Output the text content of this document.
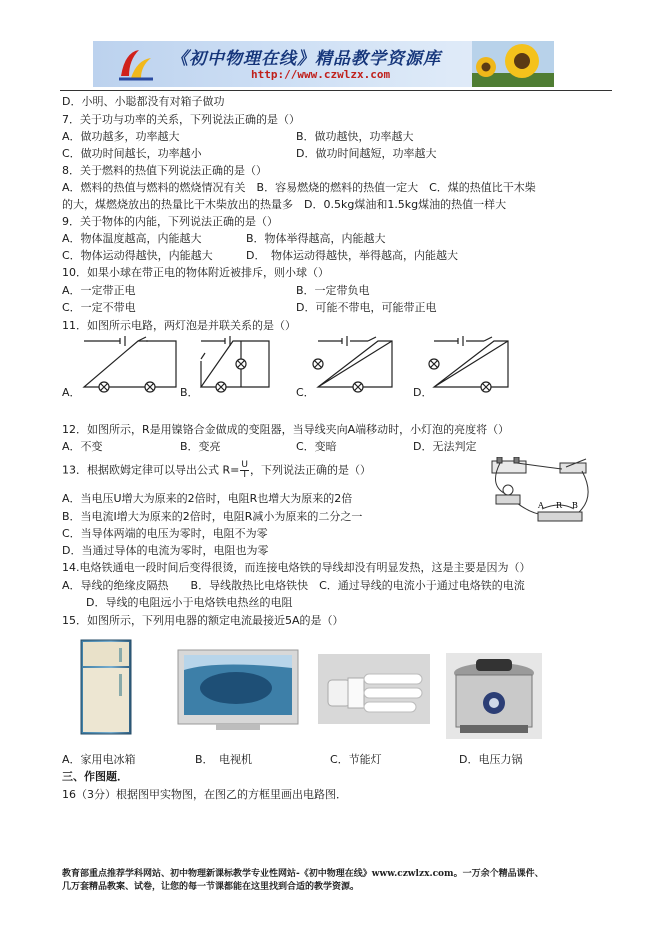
《初中物理在线》精品教学资源库
http://www.czwlzx.com
D．小明、小聪都没有对箱子做功
7．关于功与功率的关系，下列说法正确的是（）
A．做功越多，功率越大	B．做功越快，功率越大
C．做功时间越长，功率越小	D．做功时间越短，功率越大
8．关于燃料的热值下列说法正确的是（）
A．燃料的热值与燃料的燃烧情况有关　B．容易燃烧的燃料的热值一定大　C．煤的热值比干木柴
的大，煤燃烧放出的热量比干木柴放出的热量多　D．0.5kg煤油和1.5kg煤油的热值一样大
9．关于物体的内能，下列说法正确的是（）
A．物体温度越高，内能越大	B．物体举得越高，内能越大
C．物体运动得越快，内能越大	D．　物体运动得越快，举得越高，内能越大
10．如果小球在带正电的物体附近被排斥，则小球（）
A．一定带正电	B．一定带负电
C．一定不带电	D．可能不带电，可能带正电
11．如图所示电路，两灯泡是并联关系的是（）
A．	B．	C．	D．
12．如图所示，R是用镍铬合金做成的变阻器，当导线夹向A端移动时，小灯泡的亮度将（）
A．不变	B．变亮	C．变暗	D．无法判定
13．根据欧姆定律可以导出公式 $R= \frac{U}{I}$ ，下列说法正确的是（）
A R B
A．当电压U增大为原来的2倍时，电阻R也增大为原来的2倍
B．当电流I增大为原来的2倍时，电阻R减小为原来的二分之一
C．当导体两端的电压为零时，电阻不为零
D．当通过导体的电流为零时，电阻也为零
14.电烙铁通电一段时间后变得很烫，而连接电烙铁的导线却没有明显发热，这是主要是因为（）
A．导线的绝缘皮隔热　　B．导线散热比电烙铁快　C．通过导线的电流小于通过电烙铁的电流
D．导线的电阻远小于电烙铁电热丝的电阻
15．如图所示，下列用电器的额定电流最接近5A的是（）
A．家用电冰箱	B．　电视机	C．节能灯	D．电压力锅
三、作图题．
16（3分）根据图甲实物图，在图乙的方框里画出电路图．
教育部重点推荐学科网站、初中物理新课标教学专业性网站-《初中物理在线》www.czwlzx.com。一万余个精品课件、
几万套精品教案、试卷，让您的每一节课都能在这里找到合适的教学资源。
